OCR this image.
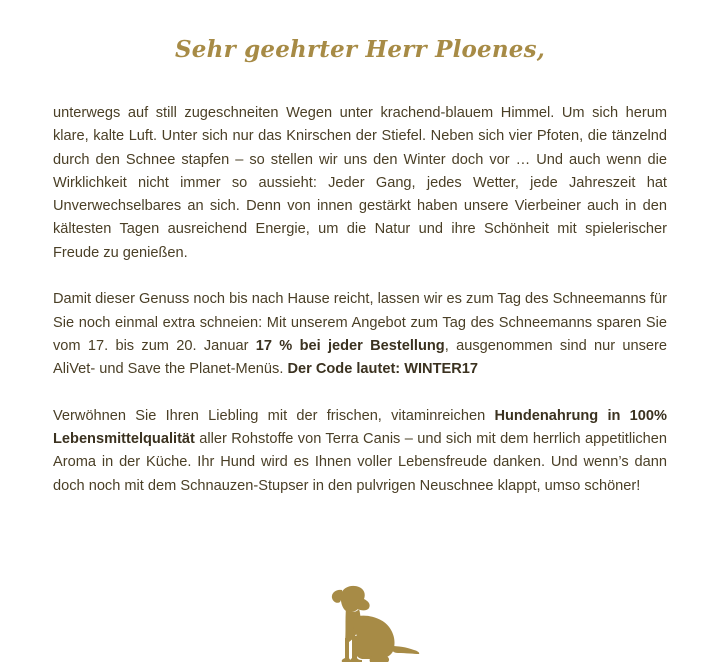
Sehr geehrter Herr Ploenes,

unterwegs auf still zugeschneiten Wegen unter krachend-blauem Himmel. Um sich herum klare, kalte Luft. Unter sich nur das Knirschen der Stiefel. Neben sich vier Pfoten, die tänzelnd durch den Schnee stapfen – so stellen wir uns den Winter doch vor … Und auch wenn die Wirklichkeit nicht immer so aussieht: Jeder Gang, jedes Wetter, jede Jahreszeit hat Unverwechselbares an sich. Denn von innen gestärkt haben unsere Vierbeiner auch in den kältesten Tagen ausreichend Energie, um die Natur und ihre Schönheit mit spielerischer Freude zu genießen.

Damit dieser Genuss noch bis nach Hause reicht, lassen wir es zum Tag des Schneemanns für Sie noch einmal extra schneien: Mit unserem Angebot zum Tag des Schneemanns sparen Sie vom 17. bis zum 20. Januar 17 % bei jeder Bestellung, ausgenommen sind nur unsere AliVet- und Save the Planet-Menüs. Der Code lautet: WINTER17

Verwöhnen Sie Ihren Liebling mit der frischen, vitaminreichen Hundenahrung in 100% Lebensmittelqualität aller Rohstoffe von Terra Canis – und sich mit dem herrlich appetitlichen Aroma in der Küche. Ihr Hund wird es Ihnen voller Lebensfreude danken. Und wenn’s dann doch noch mit dem Schnauzen-Stupser in den pulvrigen Neuschnee klappt, umso schöner!
